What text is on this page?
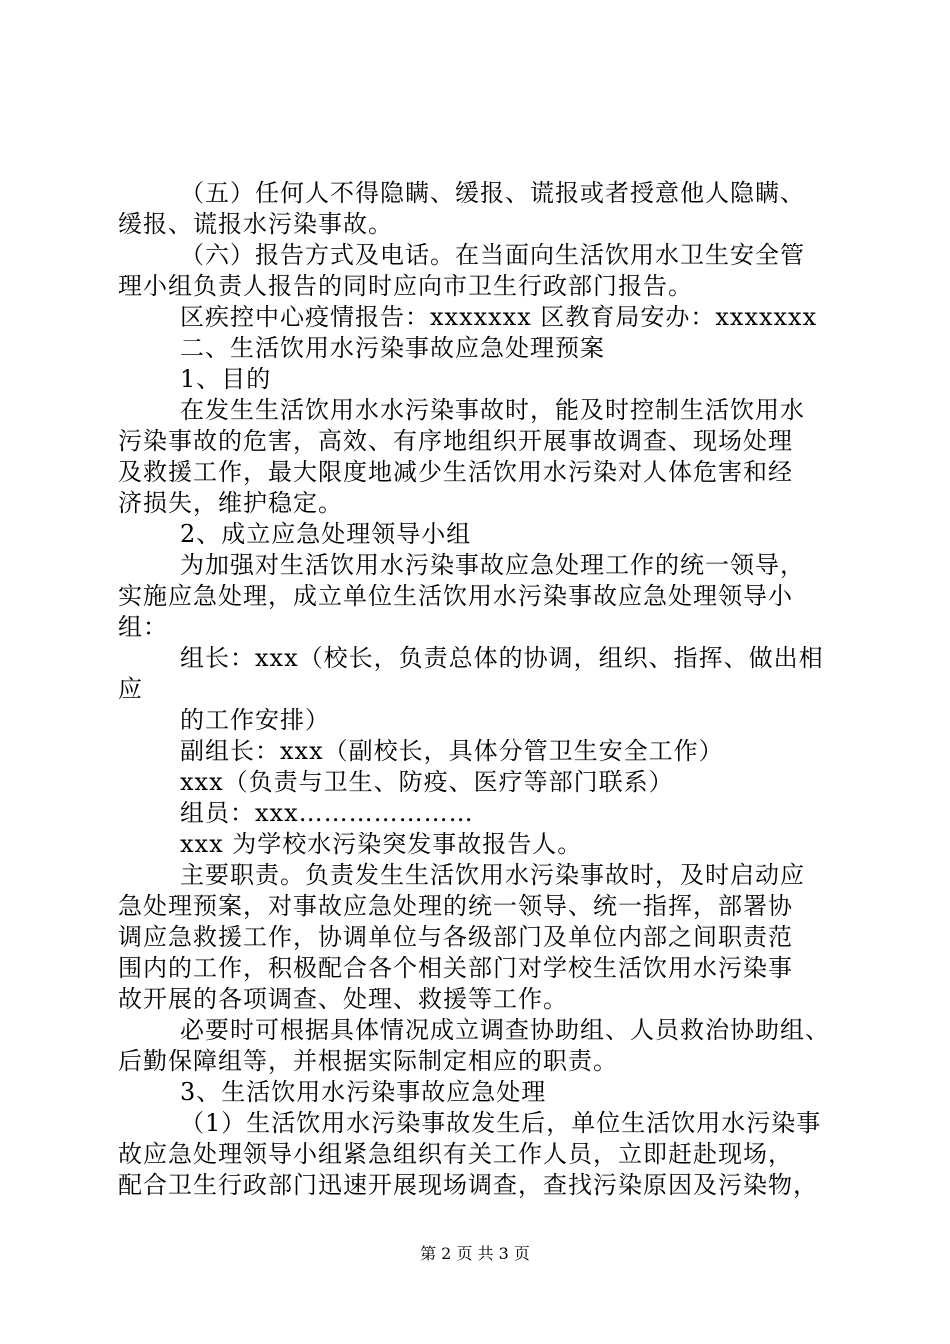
（五）任何人不得隐瞒、缓报、谎报或者授意他人隐瞒、
缓报、谎报水污染事故。
（六）报告方式及电话。在当面向生活饮用水卫生安全管
理小组负责人报告的同时应向市卫生行政部门报告。
区疾控中心疫情报告：xxxxxxx 区教育局安办：xxxxxxx
二、生活饮用水污染事故应急处理预案
1、目的
在发生生活饮用水水污染事故时，能及时控制生活饮用水
污染事故的危害，高效、有序地组织开展事故调查、现场处理
及救援工作，最大限度地减少生活饮用水污染对人体危害和经
济损失，维护稳定。
2、成立应急处理领导小组
为加强对生活饮用水污染事故应急处理工作的统一领导，
实施应急处理，成立单位生活饮用水污染事故应急处理领导小
组：
组长：xxx（校长，负责总体的协调，组织、指挥、做出相
应
的工作安排）
副组长：xxx（副校长，具体分管卫生安全工作）
xxx（负责与卫生、防疫、医疗等部门联系）
组员：xxx…………………
xxx 为学校水污染突发事故报告人。
主要职责。负责发生生活饮用水污染事故时，及时启动应
急处理预案，对事故应急处理的统一领导、统一指挥，部署协
调应急救援工作，协调单位与各级部门及单位内部之间职责范
围内的工作，积极配合各个相关部门对学校生活饮用水污染事
故开展的各项调查、处理、救援等工作。
必要时可根据具体情况成立调查协助组、人员救治协助组、
后勤保障组等，并根据实际制定相应的职责。
3、生活饮用水污染事故应急处理
（1）生活饮用水污染事故发生后，单位生活饮用水污染事
故应急处理领导小组紧急组织有关工作人员，立即赶赴现场，
配合卫生行政部门迅速开展现场调查，查找污染原因及污染物，
第 2 页 共 3 页
